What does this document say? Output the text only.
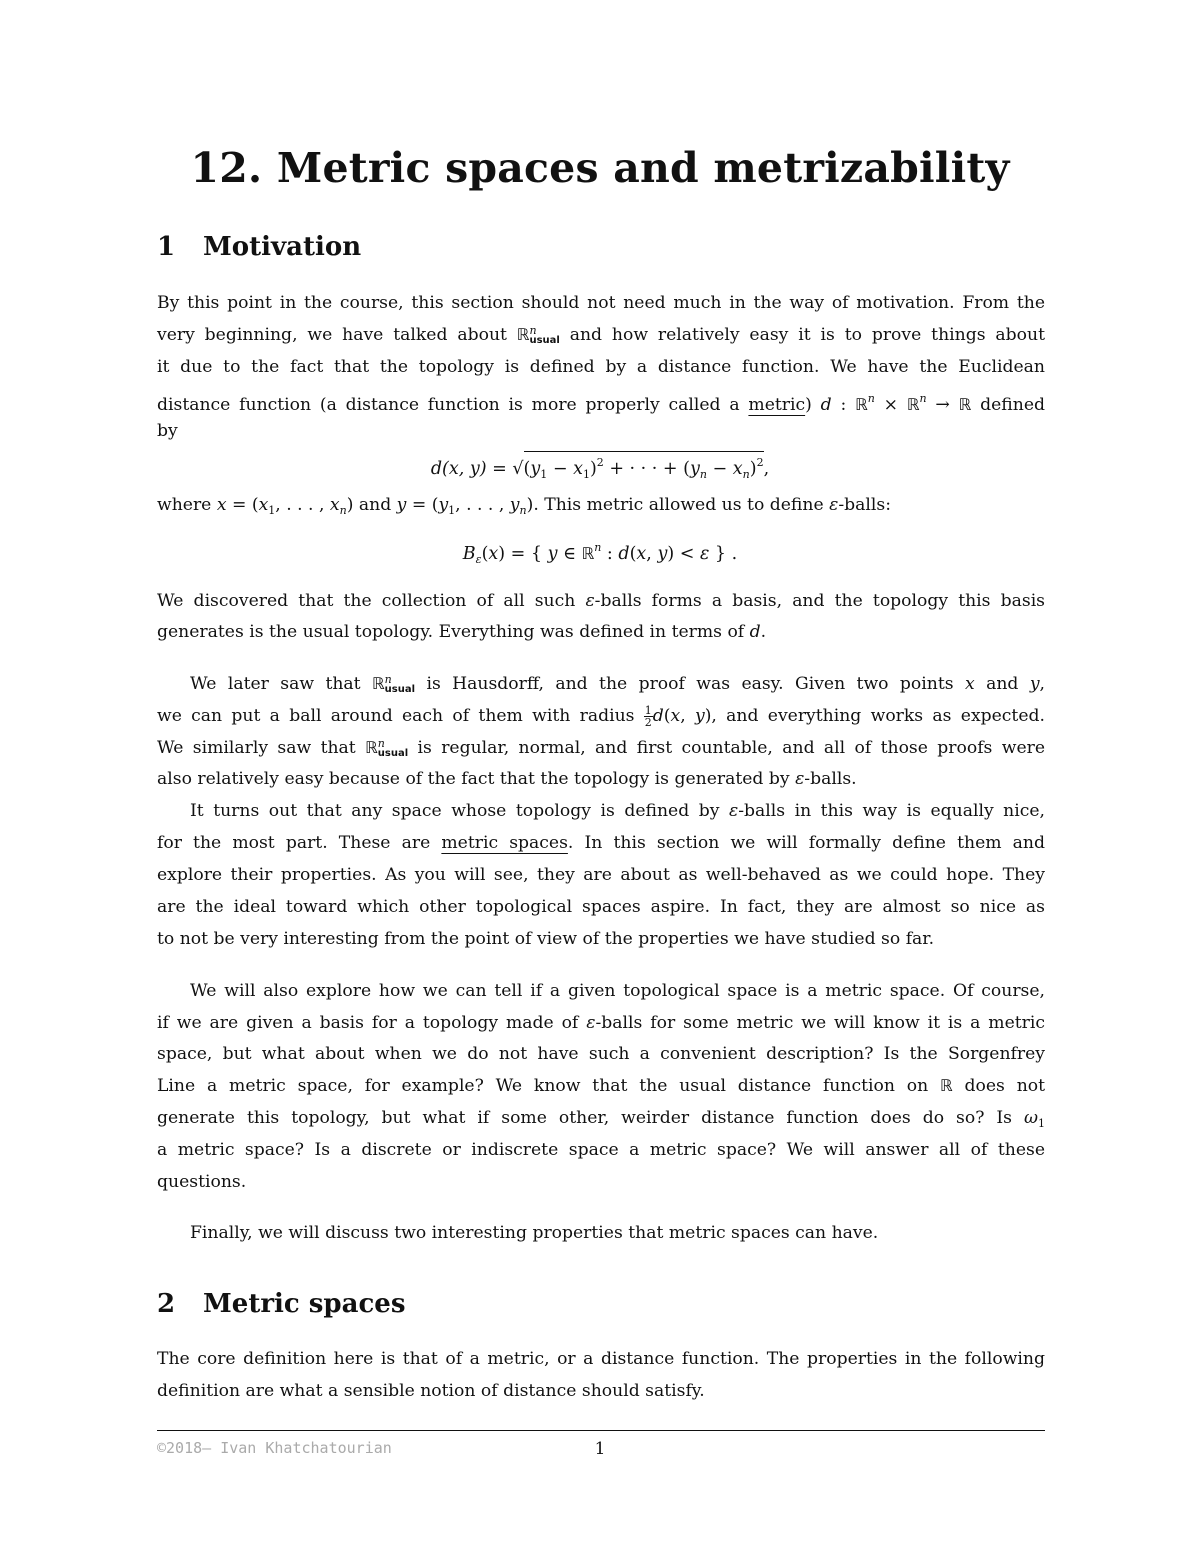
12. Metric spaces and metrizability
1 Motivation
By this point in the course, this section should not need much in the way of motivation. From the
very beginning, we have talked about ℝ n
usual and how relatively easy it is to prove things about
it due to the fact that the topology is defined by a distance function. We have the Euclidean
distance function (a distance function is more properly called a metric) d : ℝ$^n$ × ℝ$^n$ → ℝ defined
by
d(x, $y) = √(y_1 - x_1)^2$ + · · · + $(y_n - x_n)^2$,
where $x = (x_1$, . . . , $x_n$) and $y = (y_1$, . . . , $y_n$). This metric allowed us to define ε-balls:
$B_\varepsilon(x)$ = { y ∈ ℝ$^n$ : d(x, y) < ε } .
We discovered that the collection of all such ε-balls forms a basis, and the topology this basis
generates is the usual topology. Everything was defined in terms of d.
We later saw that ℝ n
usual is Hausdorff, and the proof was easy. Given two points x and y,
we can put a ball around each of them with radius $\frac{1}{2} d(x$, y), and everything works as expected.
We similarly saw that ℝ n
usual is regular, normal, and first countable, and all of those proofs were
also relatively easy because of the fact that the topology is generated by ε-balls.
It turns out that any space whose topology is defined by ε-balls in this way is equally nice,
for the most part. These are metric spaces. In this section we will formally define them and
explore their properties. As you will see, they are about as well-behaved as we could hope. They
are the ideal toward which other topological spaces aspire. In fact, they are almost so nice as
to not be very interesting from the point of view of the properties we have studied so far.
We will also explore how we can tell if a given topological space is a metric space. Of course,
if we are given a basis for a topology made of ε-balls for some metric we will know it is a metric
space, but what about when we do not have such a convenient description? Is the Sorgenfrey
Line a metric space, for example? We know that the usual distance function on ℝ does not
generate this topology, but what if some other, weirder distance function does do so? Is $\omega_1$
a metric space? Is a discrete or indiscrete space a metric space? We will answer all of these
questions.
Finally, we will discuss two interesting properties that metric spaces can have.
2 Metric spaces
The core definition here is that of a metric, or a distance function. The properties in the following
definition are what a sensible notion of distance should satisfy.
©2018– Ivan Khatchatourian	1
